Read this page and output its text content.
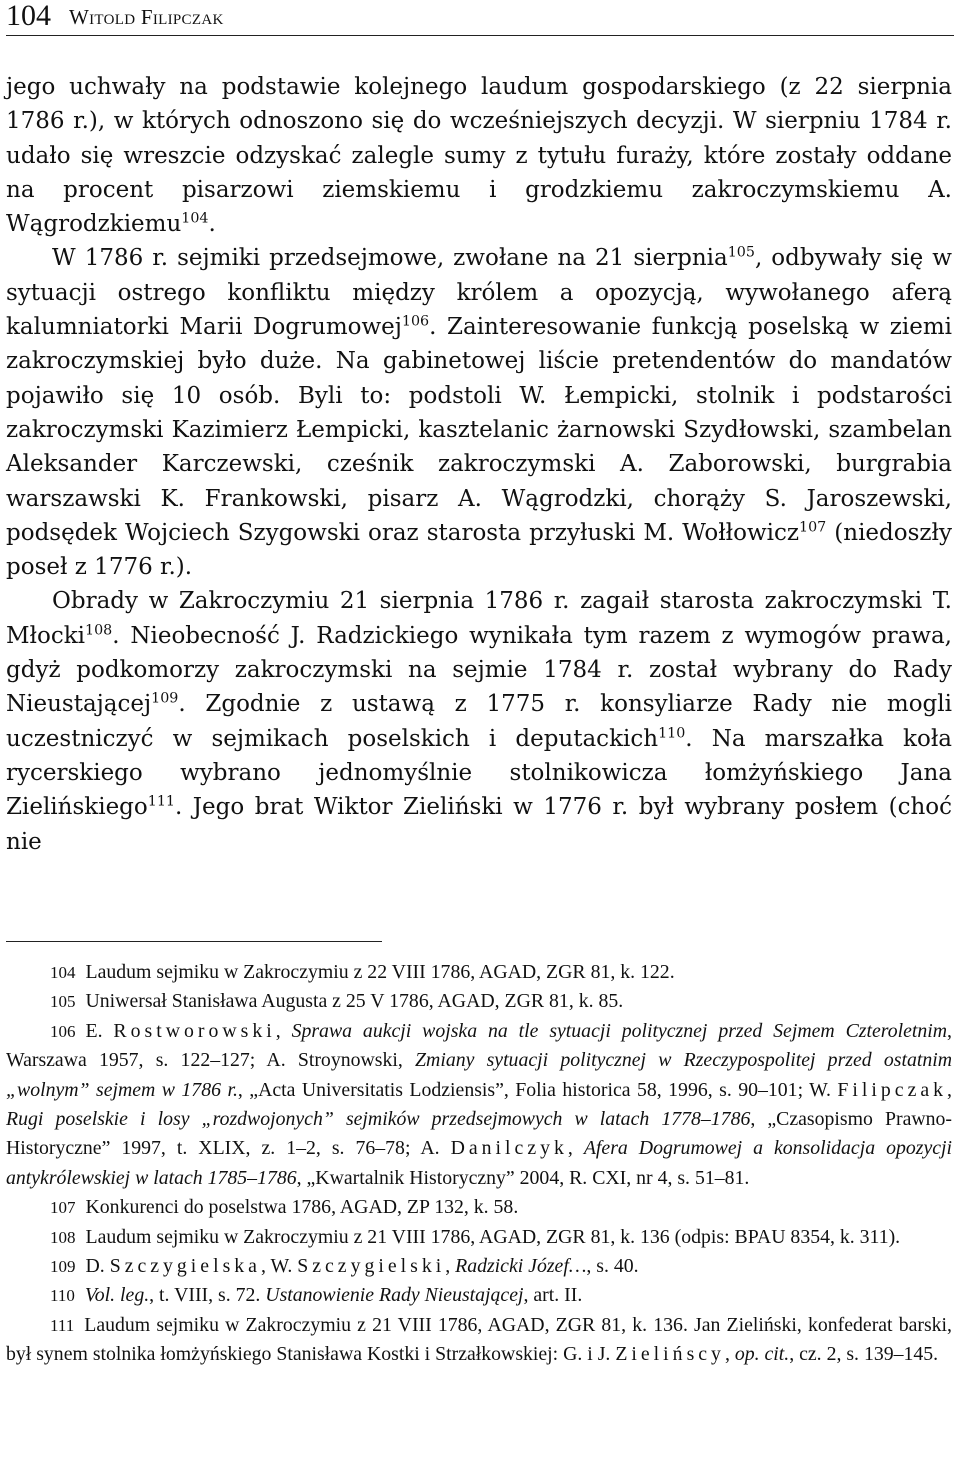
104 Witold Filipczak

jego uchwały na podstawie kolejnego laudum gospodarskiego (z 22 sierpnia 1786 r.), w których odnoszono się do wcześniejszych decyzji. W sierpniu 1784 r. udało się wreszcie odzyskać zalegle sumy z tytułu furaży, które zostały oddane na procent pisarzowi ziemskiemu i grodzkiemu zakroczymskiemu A. Wągrodzkiemu$^{104}$.

W 1786 r. sejmiki przedsejmowe, zwołane na 21 sierpnia$^{105}$, odbywały się w sytuacji ostrego konfliktu między królem a opozycją, wywołanego aferą kalumniatorki Marii Dogrumowej$^{106}$. Zainteresowanie funkcją poselską w ziemi zakroczymskiej było duże. Na gabinetowej liście pretendentów do mandatów pojawiło się 10 osób. Byli to: podstoli W. Łempicki, stolnik i podstarości zakroczymski Kazimierz Łempicki, kasztelanic żarnowski Szydłowski, szambelan Aleksander Karczewski, cześnik zakroczymski A. Zaborowski, burgrabia warszawski K. Frankowski, pisarz A. Wągrodzki, chorąży S. Jaroszewski, podsędek Wojciech Szygowski oraz starosta przyłuski M. Wołłowicz$^{107}$ (niedoszły poseł z 1776 r.).

Obrady w Zakroczymiu 21 sierpnia 1786 r. zagaił starosta zakroczymski T. Młocki$^{108}$. Nieobecność J. Radzickiego wynikała tym razem z wymogów prawa, gdyż podkomorzy zakroczymski na sejmie 1784 r. został wybrany do Rady Nieustającej$^{109}$. Zgodnie z ustawą z 1775 r. konsyliarze Rady nie mogli uczestniczyć w sejmikach poselskich i deputackich$^{110}$. Na marszałka koła rycerskiego wybrano jednomyślnie stolnikowicza łomżyńskiego Jana Zielińskiego$^{111}$. Jego brat Wiktor Zieliński w 1776 r. był wybrany posłem (choć nie

104 Laudum sejmiku w Zakroczymiu z 22 VIII 1786, AGAD, ZGR 81, k. 122.

105 Uniwersał Stanisława Augusta z 25 V 1786, AGAD, ZGR 81, k. 85.

106 E. Rostworowski, Sprawa aukcji wojska na tle sytuacji politycznej przed Sejmem Czteroletnim, Warszawa 1957, s. 122–127; A. Stroynowski, Zmiany sytuacji politycznej w Rzeczypospolitej przed ostatnim „wolnym” sejmem w 1786 r., „Acta Universitatis Lodziensis”, Folia historica 58, 1996, s. 90–101; W. Filipczak, Rugi poselskie i losy „rozdwojonych” sejmików przedsejmowych w latach 1778–1786, „Czasopismo Prawno-Historyczne” 1997, t. XLIX, z. 1–2, s. 76–78; A. Danilczyk, Afera Dogrumowej a konsolidacja opozycji antykrólewskiej w latach 1785–1786, „Kwartalnik Historyczny” 2004, R. CXI, nr 4, s. 51–81.

107 Konkurenci do poselstwa 1786, AGAD, ZP 132, k. 58.

108 Laudum sejmiku w Zakroczymiu z 21 VIII 1786, AGAD, ZGR 81, k. 136 (odpis: BPAU 8354, k. 311).

109 D. Szczygielska, W. Szczygielski, Radzicki Józef…, s. 40.

110 Vol. leg., t. VIII, s. 72. Ustanowienie Rady Nieustającej, art. II.

111 Laudum sejmiku w Zakroczymiu z 21 VIII 1786, AGAD, ZGR 81, k. 136. Jan Zieliński, konfederat barski, był synem stolnika łomżyńskiego Stanisława Kostki i Strzałkowskiej: G. i J. Zielińscy, op. cit., cz. 2, s. 139–145.
